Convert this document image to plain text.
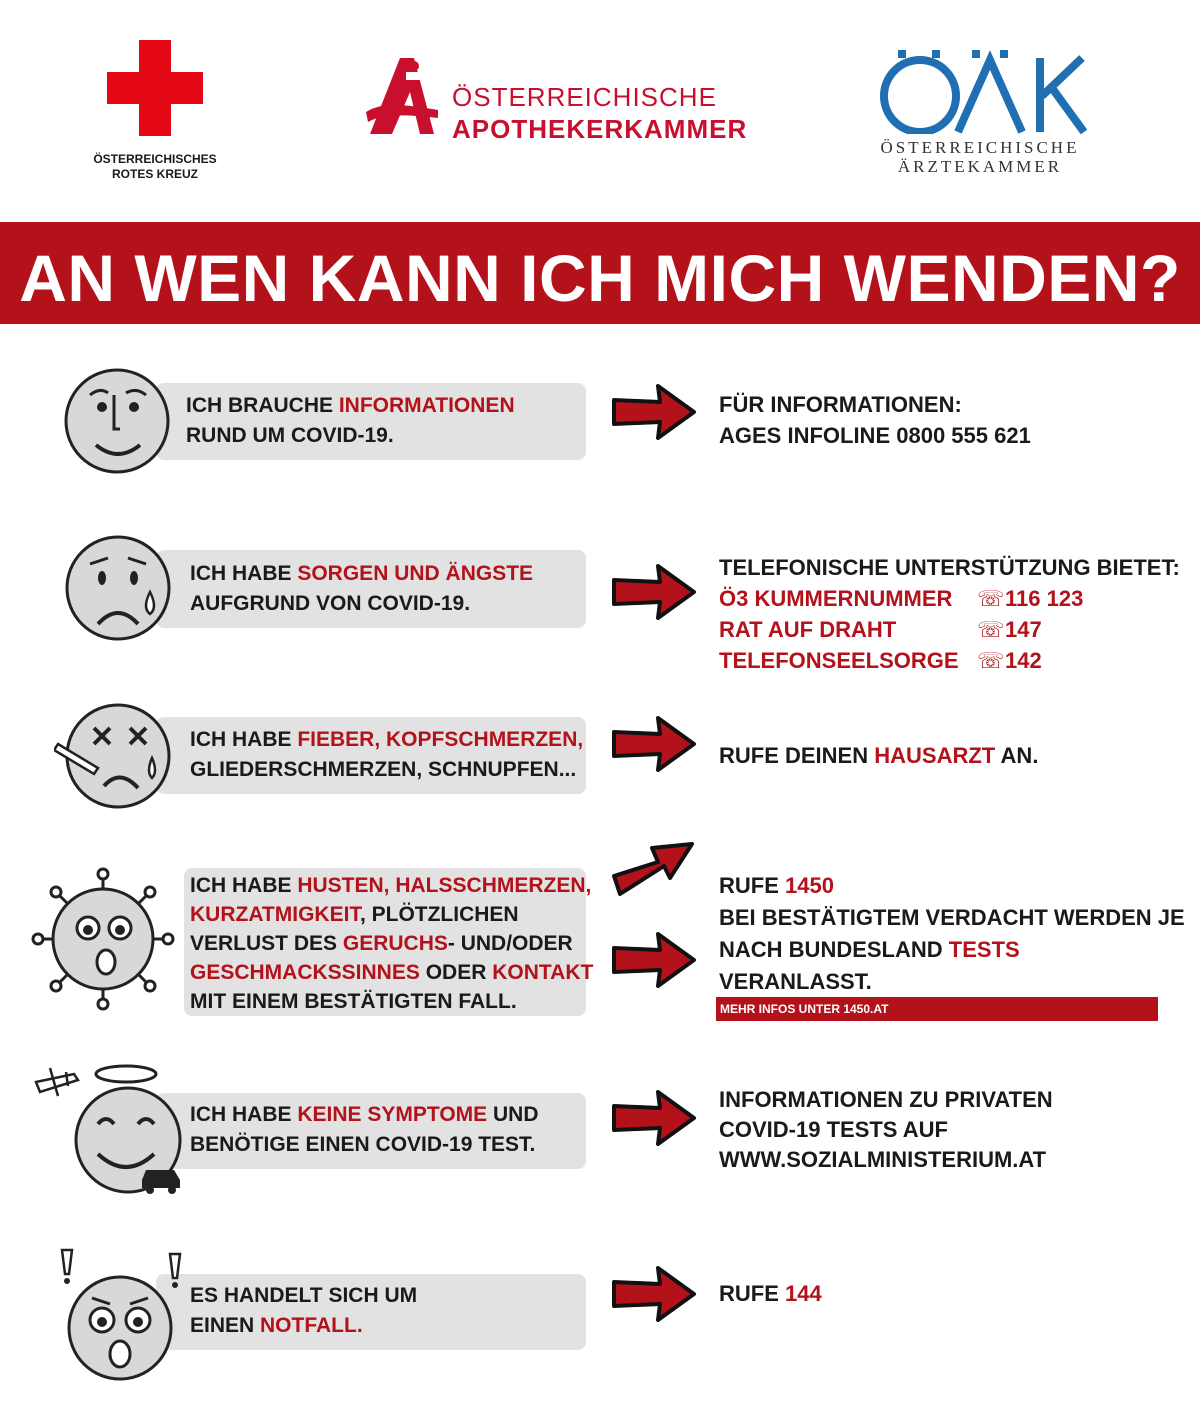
ÖSTERREICHISCHES
ROTES KREUZ
ÖSTERREICHISCHE
APOTHEKERKAMMER
ÖSTERREICHISCHE
ÄRZTEKAMMER
AN WEN KANN ICH MICH WENDEN?
ICH BRAUCHE INFORMATIONEN
RUND UM COVID-19.
FÜR INFORMATIONEN:
AGES INFOLINE 0800 555 621
ICH HABE SORGEN UND ÄNGSTE
AUFGRUND VON COVID-19.
TELEFONISCHE UNTERSTÜTZUNG BIETET:
Ö3 KUMMERNUMMER	☏ 116 123
RAT AUF DRAHT	☏ 147
TELEFONSEELSORGE ☏ 142
ICH HABE FIEBER, KOPFSCHMERZEN,
GLIEDERSCHMERZEN, SCHNUPFEN...
RUFE DEINEN HAUSARZT AN.
ICH HABE HUSTEN, HALSSCHMERZEN,
KURZATMIGKEIT, PLÖTZLICHEN
VERLUST DES GERUCHS- UND/ODER
GESCHMACKSSINNES ODER KONTAKT
MIT EINEM BESTÄTIGTEN FALL.
RUFE 1450
BEI BESTÄTIGTEM VERDACHT WERDEN JE
NACH BUNDESLAND TESTS
VERANLASST.
MEHR INFOS UNTER 1450.AT
ICH HABE KEINE SYMPTOME UND
BENÖTIGE EINEN COVID-19 TEST.
INFORMATIONEN ZU PRIVATEN
COVID-19 TESTS AUF
WWW.SOZIALMINISTERIUM.AT
ES HANDELT SICH UM
EINEN NOTFALL.
RUFE 144
